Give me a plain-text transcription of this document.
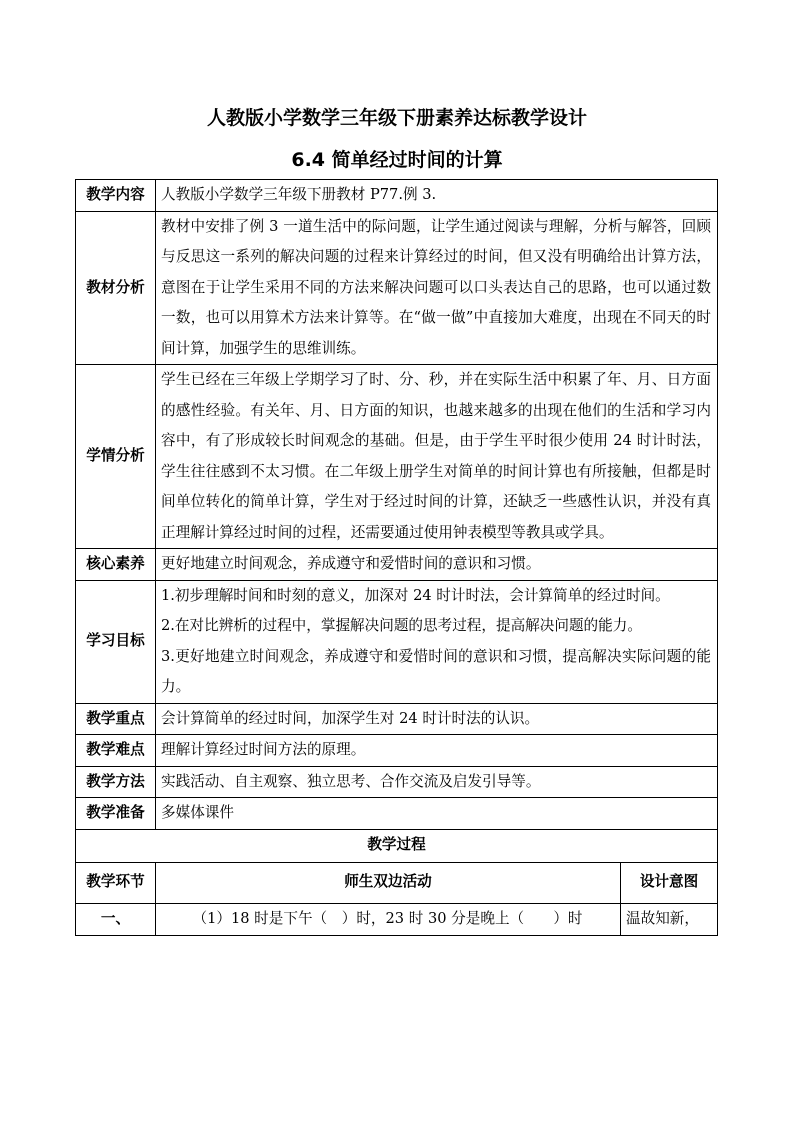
人教版小学数学三年级下册素养达标教学设计
6.4 简单经过时间的计算
教学内容	人教版小学数学三年级下册教材 P77.例 3.	

教材分析	教材中安排了例 3 一道生活中的际问题，让学生通过阅读与理解，分析与解答，回顾与反思这一系列的解决问题的过程来计算经过的时间，但又没有明确给出计算方法，意图在于让学生采用不同的方法来解决问题可以口头表达自己的思路，也可以通过数一数，也可以用算术方法来计算等。在“做一做”中直接加大难度，出现在不同天的时间计算，加强学生的思维训练。	

学情分析	学生已经在三年级上学期学习了时、分、秒，并在实际生活中积累了年、月、日方面的感性经验。有关年、月、日方面的知识，也越来越多的出现在他们的生活和学习内容中，有了形成较长时间观念的基础。但是，由于学生平时很少使用 24 时计时法，学生往往感到不太习惯。在二年级上册学生对简单的时间计算也有所接触，但都是时间单位转化的简单计算，学生对于经过时间的计算，还缺乏一些感性认识，并没有真正理解计算经过时间的过程，还需要通过使用钟表模型等教具或学具。	

核心素养	更好地建立时间观念，养成遵守和爱惜时间的意识和习惯。	

学习目标	1.初步理解时间和时刻的意义，加深对 24 时计时法，会计算简单的经过时间。
2.在对比辨析的过程中，掌握解决问题的思考过程，提高解决问题的能力。
3.更好地建立时间观念，养成遵守和爱惜时间的意识和习惯，提高解决实际问题的能力。	

教学重点	会计算简单的经过时间，加深学生对 24 时计时法的认识。	

教学难点	理解计算经过时间方法的原理。	

教学方法	实践活动、自主观察、独立思考、合作交流及启发引导等。	

教学准备	多媒体课件	

教学过程		
教学环节	师生双边活动	设计意图
一、	（1）18 时是下午（　）时，23 时 30 分是晚上（　　）时	温故知新，
